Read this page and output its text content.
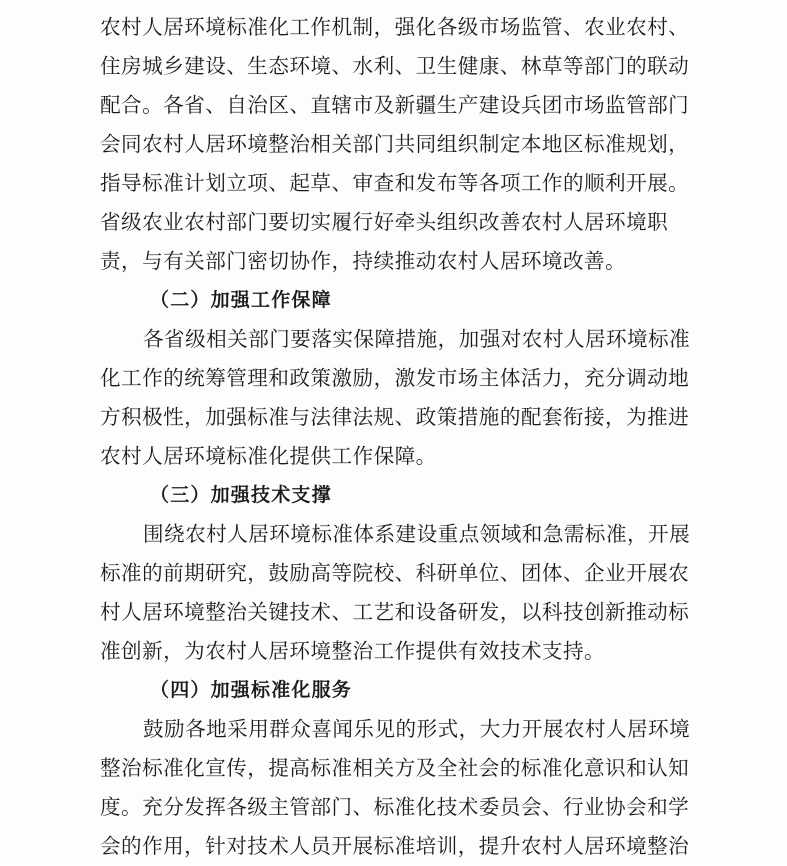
农村人居环境标准化工作机制，强化各级市场监管、农业农村、
住房城乡建设、生态环境、水利、卫生健康、林草等部门的联动
配合。各省、自治区、直辖市及新疆生产建设兵团市场监管部门
会同农村人居环境整治相关部门共同组织制定本地区标准规划，
指导标准计划立项、起草、审查和发布等各项工作的顺利开展。
省级农业农村部门要切实履行好牵头组织改善农村人居环境职
责，与有关部门密切协作，持续推动农村人居环境改善。
（二）加强工作保障
各省级相关部门要落实保障措施，加强对农村人居环境标准
化工作的统筹管理和政策激励，激发市场主体活力，充分调动地
方积极性，加强标准与法律法规、政策措施的配套衔接，为推进
农村人居环境标准化提供工作保障。
（三）加强技术支撑
围绕农村人居环境标准体系建设重点领域和急需标准，开展
标准的前期研究，鼓励高等院校、科研单位、团体、企业开展农
村人居环境整治关键技术、工艺和设备研发，以科技创新推动标
准创新，为农村人居环境整治工作提供有效技术支持。
（四）加强标准化服务
鼓励各地采用群众喜闻乐见的形式，大力开展农村人居环境
整治标准化宣传，提高标准相关方及全社会的标准化意识和认知
度。充分发挥各级主管部门、标准化技术委员会、行业协会和学
会的作用，针对技术人员开展标准培训，提升农村人居环境整治
